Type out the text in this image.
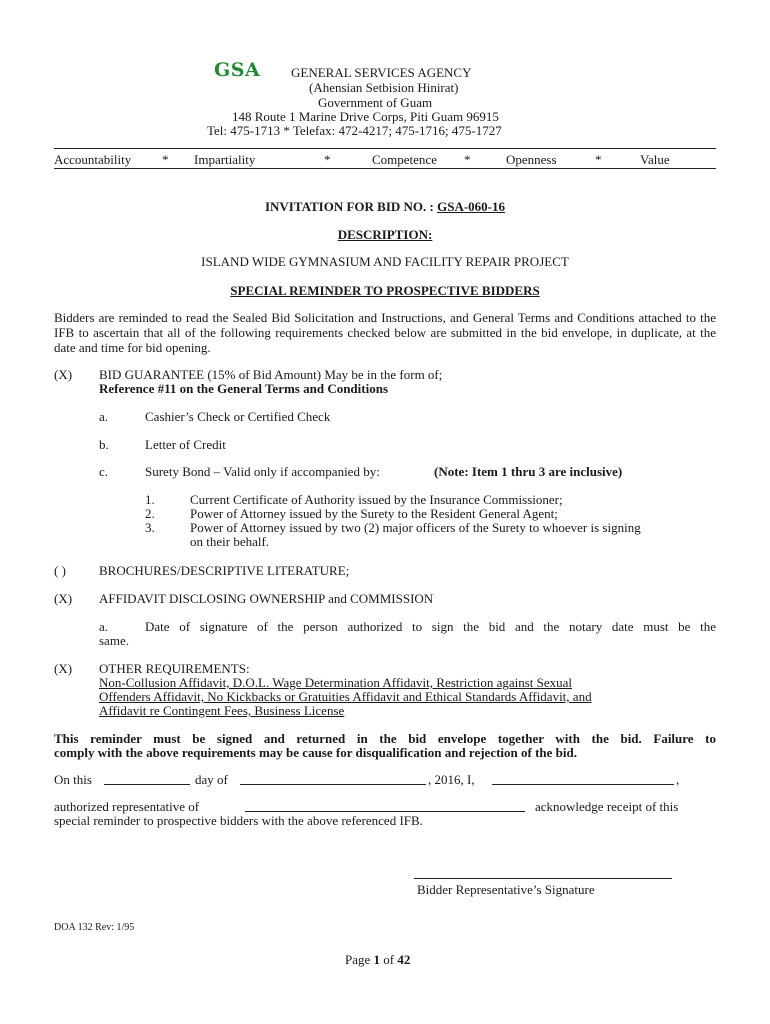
GSA GENERAL SERVICES AGENCY
(Ahensian Setbision Hinirat)
Government of Guam
148 Route 1 Marine Drive Corps, Piti Guam 96915
Tel: 475-1713 * Telefax: 472-4217; 475-1716; 475-1727
Accountability * Impartiality	*	Competence *	Openness	*	Value
INVITATION FOR BID NO. : GSA-060-16
DESCRIPTION:
ISLAND WIDE GYMNASIUM AND FACILITY REPAIR PROJECT
SPECIAL REMINDER TO PROSPECTIVE BIDDERS
Bidders are reminded to read the Sealed Bid Solicitation and Instructions, and General Terms and Conditions attached to the IFB to ascertain that all of the following requirements checked below are submitted in the bid envelope, in duplicate, at the date and time for bid opening.
(X) BID GUARANTEE (15% of Bid Amount) May be in the form of;
Reference #11 on the General Terms and Conditions
a.	Cashier’s Check or Certified Check
b.	Letter of Credit
c.	Surety Bond – Valid only if accompanied by:	(Note: Item 1 thru 3 are inclusive)
1.	Current Certificate of Authority issued by the Insurance Commissioner;
2.	Power of Attorney issued by the Surety to the Resident General Agent;
3.	Power of Attorney issued by two (2) major officers of the Surety to whoever is signing
on their behalf.
( )	BROCHURES/DESCRIPTIVE LITERATURE;
(X) AFFIDAVIT DISCLOSING OWNERSHIP and COMMISSION
a.	Date of signature of the person authorized to sign the bid and the notary date must be the
same.
(X) OTHER REQUIREMENTS:
Non-Collusion Affidavit, D.O.L. Wage Determination Affidavit, Restriction against Sexual
Offenders Affidavit, No Kickbacks or Gratuities Affidavit and Ethical Standards Affidavit, and
Affidavit re Contingent Fees, Business License
This reminder must be signed and returned in the bid envelope together with the bid. Failure to
comply with the above requirements may be cause for disqualification and rejection of the bid.
On this	day of	, 2016, I,	,
authorized representative of	acknowledge receipt of this
special reminder to prospective bidders with the above referenced IFB.
Bidder Representative’s Signature
DOA 132 Rev: 1/95
Page 1 of 42
